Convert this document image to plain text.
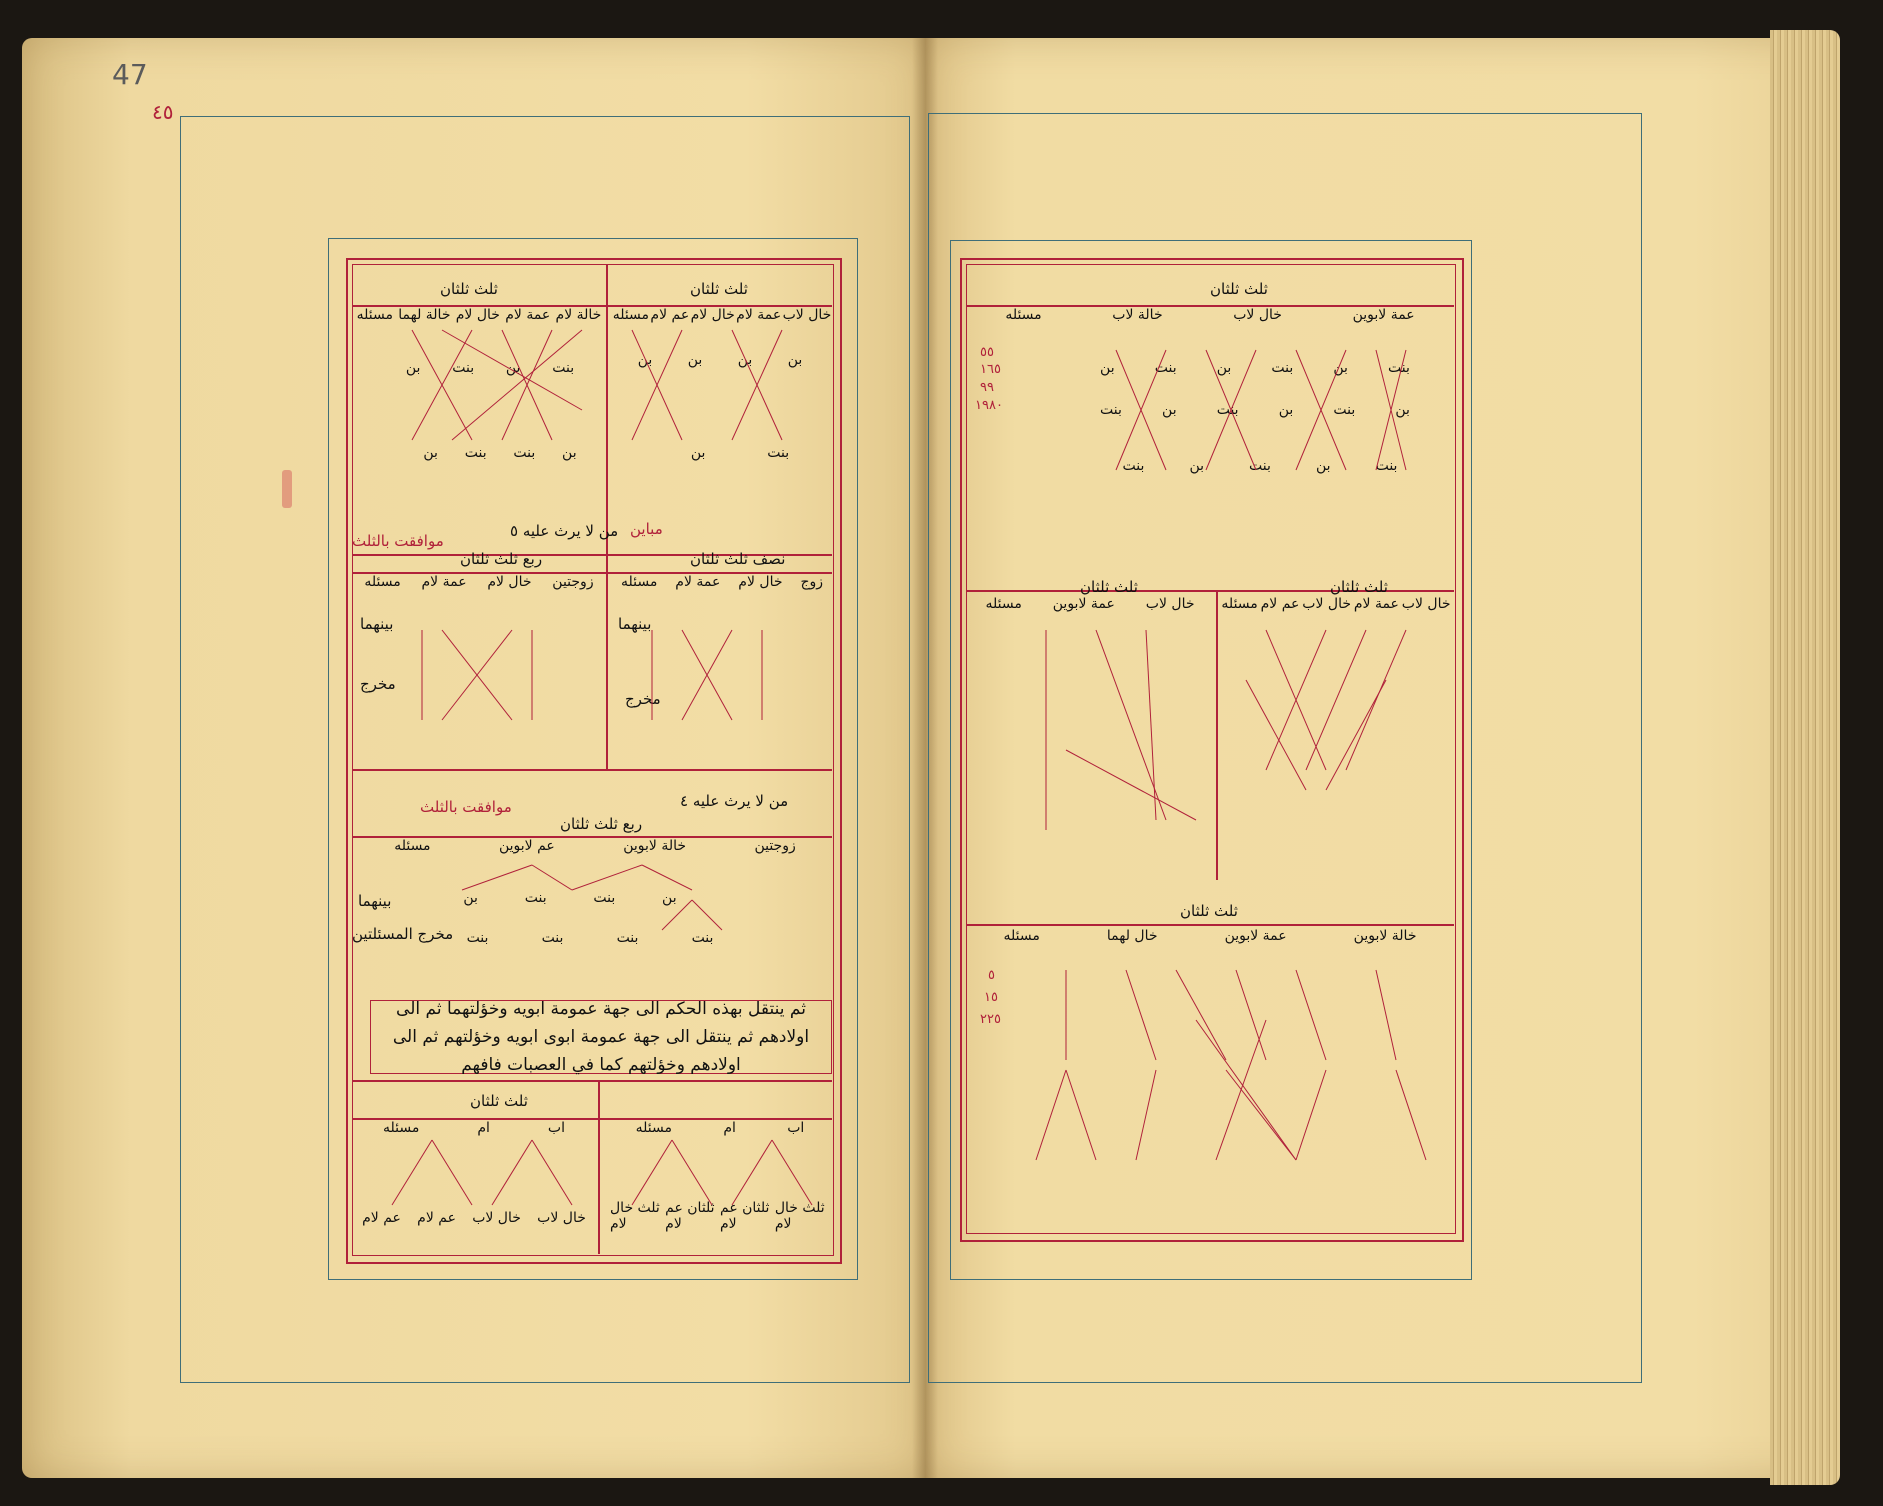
47
٤٥
ثلث ثلثان
ثلث ثلثان
خال لاب
عمة لام
خال لام
عم لام
مسئله
خالة لام
عمة لام
خال لام
خالة لهما
مسئله
بن
بن
بن
بن
بنت
بن
بنت
بن
بنت
بن
بن
بنت
بنت
بن
مباين
من لا يرث عليه ٥
موافقت بالثلث
نصف ثلث ثلثان
ربع ثلث ثلثان
زوج
خال لام
عمة لام
مسئله
زوجتين
خال لام
عمة لام
مسئله
بينهما
مخرج
بينهما
مخرج
من لا يرث عليه ٤
موافقت بالثلث
ربع ثلث ثلثان
زوجتين
خالة لابوين
عم لابوين
مسئله
بينهما
مخرج المسئلتين
بن
بنت
بنت
بن
بنت
بنت
بنت
بنت
ثم ينتقل بهذه الحكم الى جهة عمومة ابويه وخؤلتهما ثم الى اولادهم ثم ينتقل الى جهة عمومة ابوى ابويه وخؤلتهم ثم الى اولادهم وخؤلتهم كما في العصبات فافهم
ثلث ثلثان
اب
ام
مسئله
اب
ام
مسئله
ثلث خال لام
ثلثان عم لام
ثلثان عم لام
ثلث خال لام
خال لاب
خال لاب
عم لام
عم لام
ثلث ثلثان
عمة لابوين
خال لاب
خالة لاب
مسئله
بنت
بن
بنت
بن
بنت
بن
بن
بنت
بن
بنت
بن
بنت
بنت
بن
بنت
بن
بنت
٥٥
١٦٥
٩٩
١٩٨٠
ثلث ثلثان	ثلث ثلثان
خال لاب
عمة لابوين
مسئله	خال لاب
عمة لام
خال لاب
عم لام
مسئله
ثلث ثلثان
خالة لابوين
عمة لابوين
خال لهما
مسئله
٥
١٥
٢٢٥
